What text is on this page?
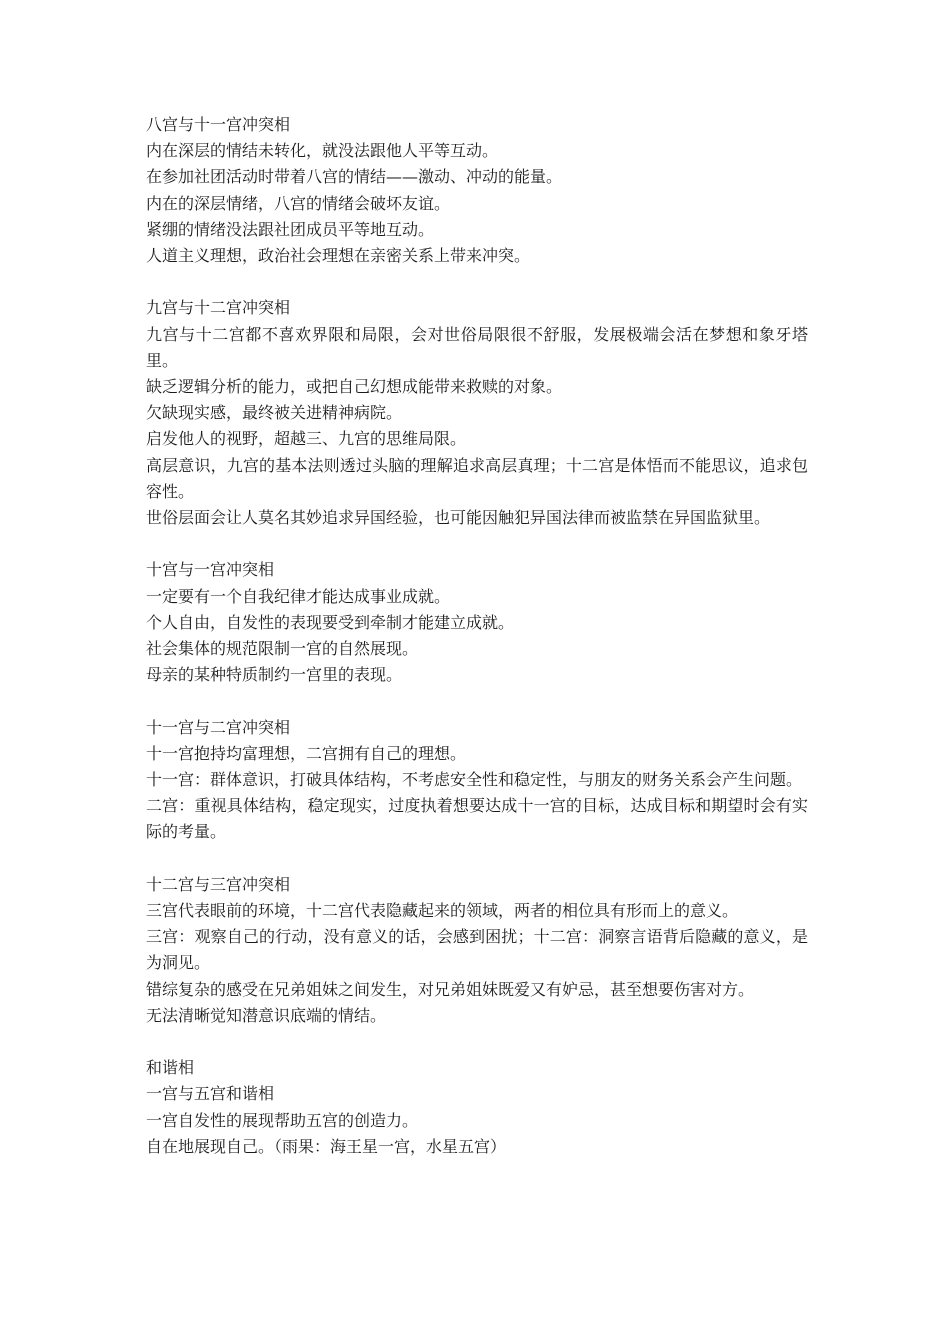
八宫与十一宫冲突相

内在深层的情结未转化，就没法跟他人平等互动。

在参加社团活动时带着八宫的情结——激动、冲动的能量。

内在的深层情绪，八宫的情绪会破坏友谊。

紧绷的情绪没法跟社团成员平等地互动。

人道主义理想，政治社会理想在亲密关系上带来冲突。

九宫与十二宫冲突相

九宫与十二宫都不喜欢界限和局限，会对世俗局限很不舒服，发展极端会活在梦想和象牙塔里。

缺乏逻辑分析的能力，或把自己幻想成能带来救赎的对象。

欠缺现实感，最终被关进精神病院。

启发他人的视野，超越三、九宫的思维局限。

高层意识，九宫的基本法则透过头脑的理解追求高层真理；十二宫是体悟而不能思议，追求包容性。

世俗层面会让人莫名其妙追求异国经验，也可能因触犯异国法律而被监禁在异国监狱里。

十宫与一宫冲突相

一定要有一个自我纪律才能达成事业成就。

个人自由，自发性的表现要受到牵制才能建立成就。

社会集体的规范限制一宫的自然展现。

母亲的某种特质制约一宫里的表现。

十一宫与二宫冲突相

十一宫抱持均富理想，二宫拥有自己的理想。

十一宫：群体意识，打破具体结构，不考虑安全性和稳定性，与朋友的财务关系会产生问题。

二宫：重视具体结构，稳定现实，过度执着想要达成十一宫的目标，达成目标和期望时会有实际的考量。

十二宫与三宫冲突相

三宫代表眼前的环境，十二宫代表隐藏起来的领域，两者的相位具有形而上的意义。

三宫：观察自己的行动，没有意义的话，会感到困扰；十二宫：洞察言语背后隐藏的意义，是为洞见。

错综复杂的感受在兄弟姐妹之间发生，对兄弟姐妹既爱又有妒忌，甚至想要伤害对方。

无法清晰觉知潜意识底端的情结。

和谐相

一宫与五宫和谐相

一宫自发性的展现帮助五宫的创造力。

自在地展现自己。（雨果：海王星一宫，水星五宫）
